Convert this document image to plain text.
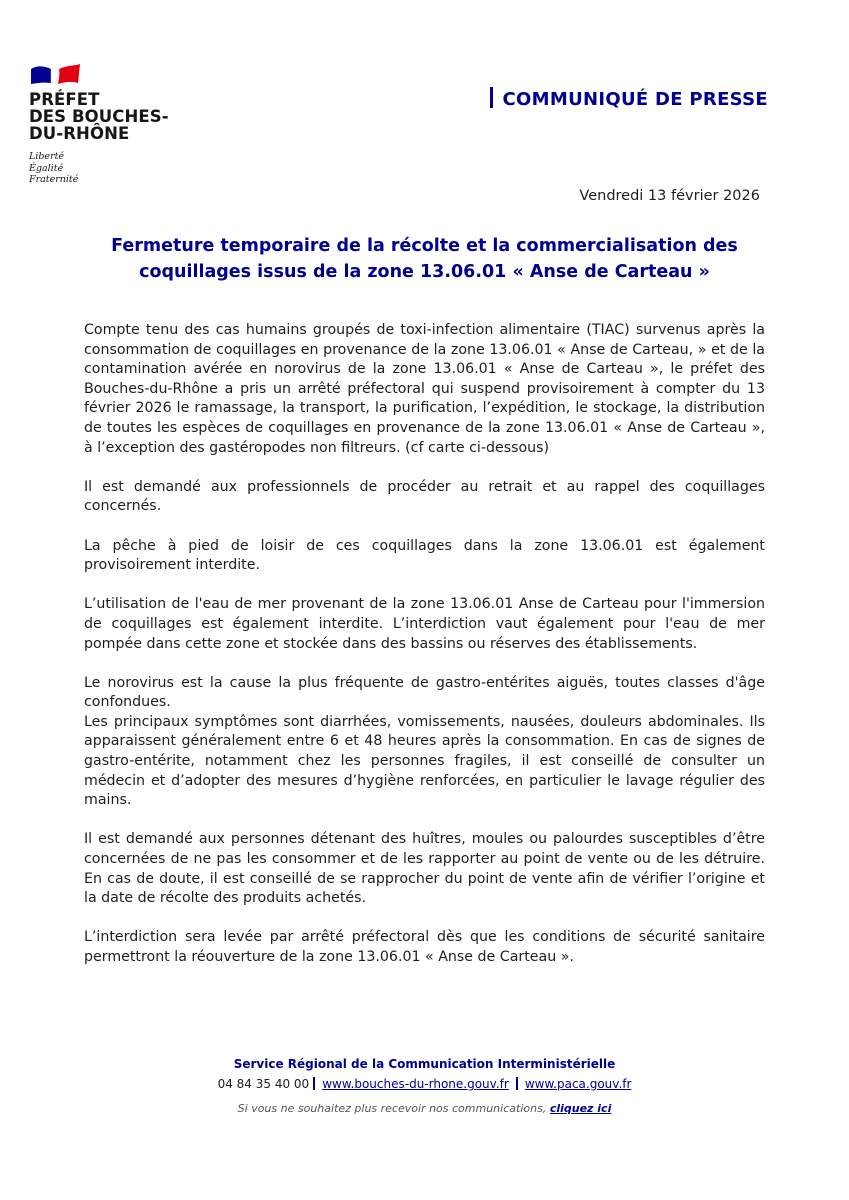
PRÉFET
DES BOUCHES-
DU-RHÔNE
Liberté
Égalité
Fraternité
COMMUNIQUÉ DE PRESSE
Vendredi 13 février 2026
Fermeture temporaire de la récolte et la commercialisation des coquillages issus de la zone 13.06.01 « Anse de Carteau »

Compte tenu des cas humains groupés de toxi-infection alimentaire (TIAC) survenus après la consommation de coquillages en provenance de la zone 13.06.01 « Anse de Carteau, » et de la contamination avérée en norovirus de la zone 13.06.01 « Anse de Carteau », le préfet des Bouches-du-Rhône a pris un arrêté préfectoral qui suspend provisoirement à compter du 13 février 2026 le ramassage, la transport, la purification, l’expédition, le stockage, la distribution de toutes les espèces de coquillages en provenance de la zone 13.06.01 « Anse de Carteau », à l’exception des gastéropodes non filtreurs. (cf carte ci-dessous)

Il est demandé aux professionnels de procéder au retrait et au rappel des coquillages concernés.

La pêche à pied de loisir de ces coquillages dans la zone 13.06.01 est également provisoirement interdite.

L’utilisation de l'eau de mer provenant de la zone 13.06.01 Anse de Carteau pour l'immersion de coquillages est également interdite. L’interdiction vaut également pour l'eau de mer pompée dans cette zone et stockée dans des bassins ou réserves des établissements.

Le norovirus est la cause la plus fréquente de gastro-entérites aiguës, toutes classes d'âge confondues.

Les principaux symptômes sont diarrhées, vomissements, nausées, douleurs abdominales. Ils apparaissent généralement entre 6 et 48 heures après la consommation. En cas de signes de gastro-entérite, notamment chez les personnes fragiles, il est conseillé de consulter un médecin et d’adopter des mesures d’hygiène renforcées, en particulier le lavage régulier des mains.

Il est demandé aux personnes détenant des huîtres, moules ou palourdes susceptibles d’être concernées de ne pas les consommer et de les rapporter au point de vente ou de les détruire. En cas de doute, il est conseillé de se rapprocher du point de vente afin de vérifier l’origine et la date de récolte des produits achetés.

L’interdiction sera levée par arrêté préfectoral dès que les conditions de sécurité sanitaire permettront la réouverture de la zone 13.06.01 « Anse de Carteau ».

Service Régional de la Communication Interministérielle
04 84 35 40 00 www.bouches-du-rhone.gouv.fr www.paca.gouv.fr
Si vous ne souhaitez plus recevoir nos communications, cliquez ici
